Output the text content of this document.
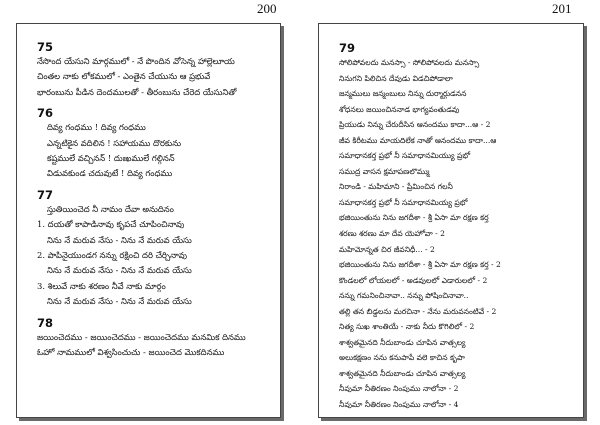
200	201
75
నేసొంద యేసుని మార్గములో - నే పొందిన వోసెన్న హాల్లెలూయ
చింతల నాకు లోకములో - ఎంతైన చేయును ఆ ప్రభువే
భారంబును పీడిన దెందములతో - తీరంబును చేరెద యేసునితో
76
దివ్య గంధము ! దివ్య గంధము
ఎన్నటికైన వదిలిన ! సహాయము దొరకును
కష్టములే వచ్చినన్ ! దుఃఖములే గల్గినన్
విడువకుండ చదువుటే ! దివ్య గంధము
77
స్తుతియించెద నీ నామం దేవా అనుదినం
1. దయతో కాపాడినావు కృపచే చూపించినావు
నిను నే మరువ నేసు - నిను నే మరువ యేసు
2. పాపినైయుండగ నన్ను రక్షించి దరి చేర్చినావు
నిను నే మరువ నేసు - నిను నే మరువ యేసు
3. శిలువే నాకు శరణం నీవే నాకు మార్గం
నిను నే మరువ నేసు - నిను నే మరువ యేసు
78
జయించెదము - జయించెదము - జయించెదము మనమిక దినము
ఓహో నామములో విశ్వసించుచు - జయించెద మొకదినము
79
సోలిపోవలదు మనస్సా - సోలిపోవలదు మనస్సా
నినుగని పిలిచిన దేవుడు విడచిపోడాలా
జన్మములు జన్మంబులు నిన్ను దుర్మార్గుడనన
శోధనలు జయించిననాడ భాగ్యవంతుడవు
ప్రియుడు నిన్ను చేరుదీసిన ఆనందము కాదా...ఆ - 2
జీవ కిరీటము మాయదిలేక నాతో ఆనందము కాదా...ఆ
సమాధానకర్త ప్రభో నీ సమాధానమియ్యు ప్రభో
సముద్ర వాసన క్షమాపణలొమ్ము
నిరాండి - మహిమాని - ప్రేమించిన గలనీ
సమాధానకర్త ప్రభో నీ సమాధానమియ్య ప్రభో
భజియింతును నిను జగదీశా - శ్రీ ఏసా మా రక్షణ కర్త
శరణు శరణు మా దేవ యెహోవా - 2
మహిమోన్నత చిర జీవనిధీ... - 2
భజియింతును నిను జగదీశా - శ్రీ ఏసా మా రక్షణ కర్త - 2
కొండలలో లోయలలో - అడవులలో ఎడారులలో - 2
నన్ను గమనించినావా.. నన్ను పోషించినావా..
తల్లి తన బిడ్డలను మరచినా - నేను మరువనంటివే - 2
నిత్య సుఖ శాంతియే - నాకు నీదు కొగిలిలో - 2
శాశ్వతమైనది నీదుబాండు చూపిన వాత్సల్య
అలుకక్షణం నను కనుపాపే వలె కాచిన కృపా
శాశ్వతమైనది నీదుబాండు చూపిన వాత్సల్య
నీవుమా నీతిరణం నింపుము నాలోనా - 2
నీవుమా నీతిరణం నింపుము నాలోనా - 4
